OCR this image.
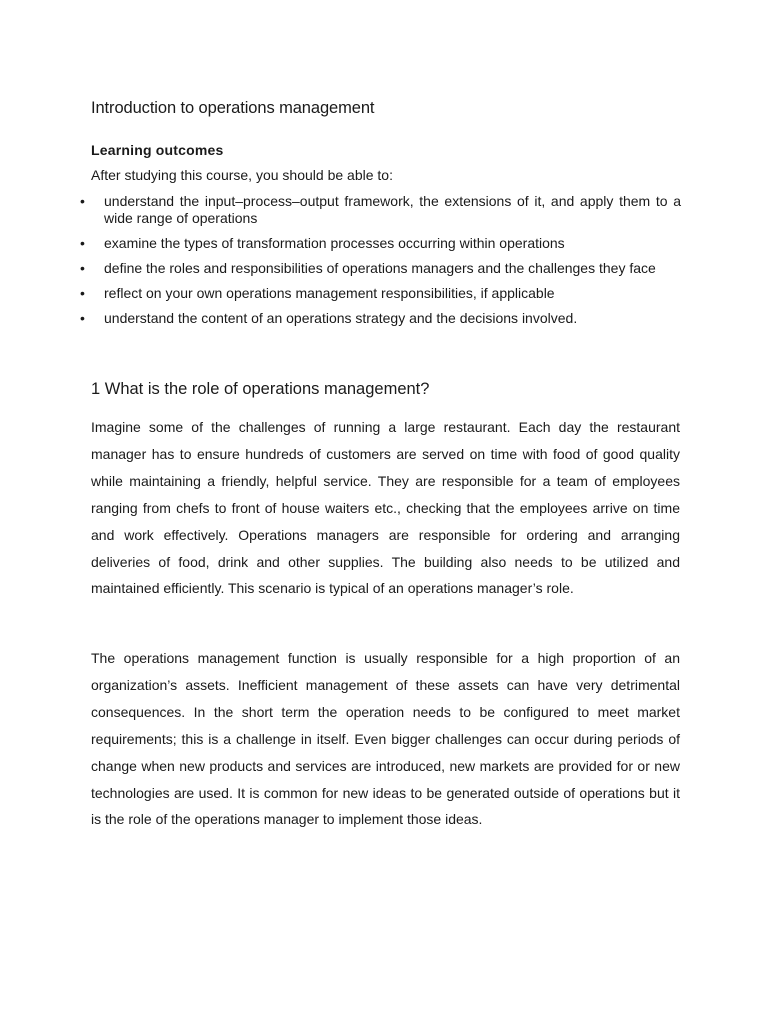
Introduction to operations management
Learning outcomes

After studying this course, you should be able to:

• understand the input–process–output framework, the extensions of it, and apply them to a wide range of operations
• examine the types of transformation processes occurring within operations
• define the roles and responsibilities of operations managers and the challenges they face
• reflect on your own operations management responsibilities, if applicable
• understand the content of an operations strategy and the decisions involved.
1 What is the role of operations management?

Imagine some of the challenges of running a large restaurant. Each day the restaurant manager has to ensure hundreds of customers are served on time with food of good quality while maintaining a friendly, helpful service. They are responsible for a team of employees ranging from chefs to front of house waiters etc., checking that the employees arrive on time and work effectively. Operations managers are responsible for ordering and arranging deliveries of food, drink and other supplies. The building also needs to be utilized and maintained efficiently. This scenario is typical of an operations manager’s role.

The operations management function is usually responsible for a high proportion of an organization’s assets. Inefficient management of these assets can have very detrimental consequences. In the short term the operation needs to be configured to meet market requirements; this is a challenge in itself. Even bigger challenges can occur during periods of change when new products and services are introduced, new markets are provided for or new technologies are used. It is common for new ideas to be generated outside of operations but it is the role of the operations manager to implement those ideas.
